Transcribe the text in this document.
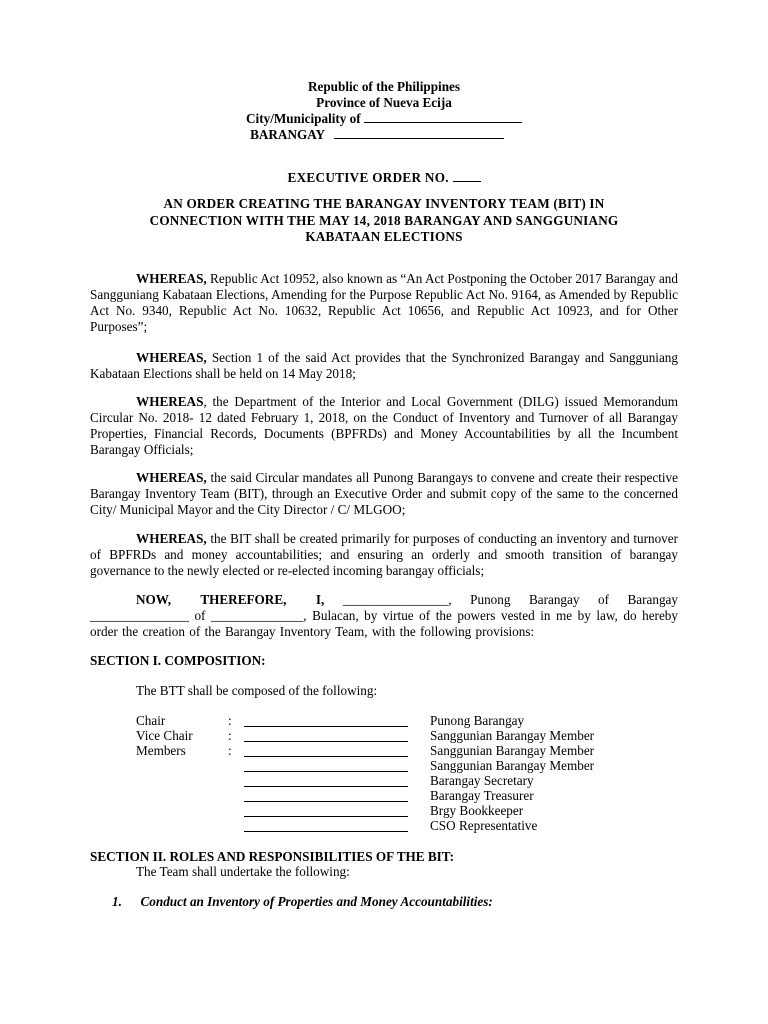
Republic of the Philippines
Province of Nueva Ecija
City/Municipality of
BARANGAY
EXECUTIVE ORDER NO.
AN ORDER CREATING THE BARANGAY INVENTORY TEAM (BIT) IN
CONNECTION WITH THE MAY 14, 2018 BARANGAY AND SANGGUNIANG
KABATAAN ELECTIONS
WHEREAS, Republic Act 10952, also known as “An Act Postponing the October 2017 Barangay and Sangguniang Kabataan Elections, Amending for the Purpose Republic Act No. 9164, as Amended by Republic Act No. 9340, Republic Act No. 10632, Republic Act 10656, and Republic Act 10923, and for Other Purposes”;
WHEREAS, Section 1 of the said Act provides that the Synchronized Barangay and Sangguniang Kabataan Elections shall be held on 14 May 2018;
WHEREAS, the Department of the Interior and Local Government (DILG) issued Memorandum Circular No. 2018- 12 dated February 1, 2018, on the Conduct of Inventory and Turnover of all Barangay Properties, Financial Records, Documents (BPFRDs) and Money Accountabilities by all the Incumbent Barangay Officials;
WHEREAS, the said Circular mandates all Punong Barangays to convene and create their respective Barangay Inventory Team (BIT), through an Executive Order and submit copy of the same to the concerned City/ Municipal Mayor and the City Director / C/ MLGOO;
WHEREAS, the BIT shall be created primarily for purposes of conducting an inventory and turnover of BPFRDs and money accountabilities; and ensuring an orderly and smooth transition of barangay governance to the newly elected or re-elected incoming barangay officials;
NOW, THEREFORE, I, ________________, Punong Barangay of Barangay _______________ of ______________, Bulacan, by virtue of the powers vested in me by law, do hereby order the creation of the Barangay Inventory Team, with the following provisions:
SECTION I. COMPOSITION:
The BTT shall be composed of the following:
Chair	:	Punong Barangay
Vice Chair	:	Sanggunian Barangay Member
Members	:	Sanggunian Barangay Member
Sanggunian Barangay Member
Barangay Secretary
Barangay Treasurer
Brgy Bookkeeper
CSO Representative
SECTION II. ROLES AND RESPONSIBILITIES OF THE BIT:
The Team shall undertake the following:
1. Conduct an Inventory of Properties and Money Accountabilities:
